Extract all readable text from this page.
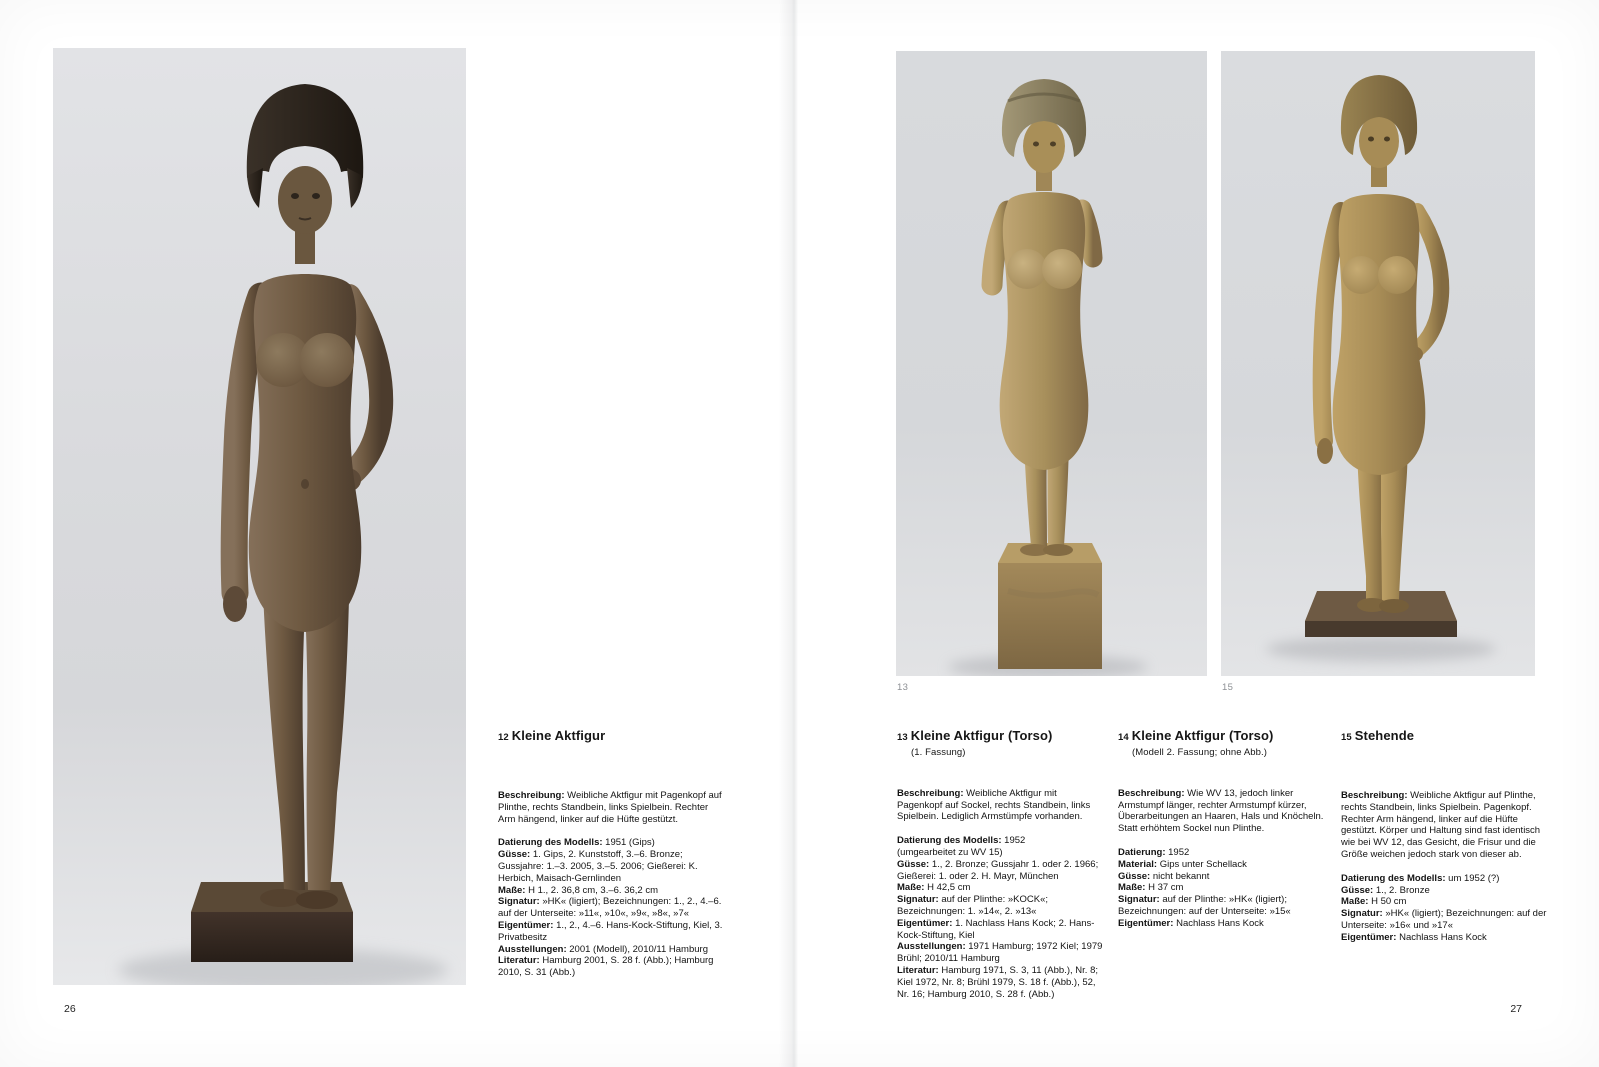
12 Kleine Aktfigur

Beschreibung: Weibliche Aktfigur mit Pagenkopf auf Plinthe, rechts Standbein, links Spielbein. Rechter Arm hängend, linker auf die Hüfte gestützt.

Datierung des Modells: 1951 (Gips)
Güsse: 1. Gips, 2. Kunststoff, 3.–6. Bronze; Gussjahre: 1.–3. 2005, 3.–5. 2006; Gießerei: K. Herbich, Maisach-Gernlinden
Maße: H 1., 2. 36,8 cm, 3.–6. 36,2 cm
Signatur: »HK« (ligiert); Bezeichnungen: 1., 2., 4.–6. auf der Unterseite: »11«, »10«, »9«, »8«, »7«
Eigentümer: 1., 2., 4.–6. Hans-Kock-Stiftung, Kiel, 3. Privatbesitz
Ausstellungen: 2001 (Modell), 2010/11 Hamburg
Literatur: Hamburg 2001, S. 28 f. (Abb.); Hamburg 2010, S. 31 (Abb.)
26
13	15
13 Kleine Aktfigur (Torso)
(1. Fassung)

Beschreibung: Weibliche Aktfigur mit Pagenkopf auf Sockel, rechts Standbein, links Spielbein. Lediglich Armstümpfe vorhanden.

Datierung des Modells: 1952
(umgearbeitet zu WV 15)
Güsse: 1., 2. Bronze; Gussjahr 1. oder 2. 1966; Gießerei: 1. oder 2. H. Mayr, München
Maße: H 42,5 cm
Signatur: auf der Plinthe: »KOCK«; Bezeichnungen: 1. »14«, 2. »13«
Eigentümer: 1. Nachlass Hans Kock; 2. Hans-Kock-Stiftung, Kiel
Ausstellungen: 1971 Hamburg; 1972 Kiel; 1979 Brühl; 2010/11 Hamburg
Literatur: Hamburg 1971, S. 3, 11 (Abb.), Nr. 8; Kiel 1972, Nr. 8; Brühl 1979, S. 18 f. (Abb.), 52, Nr. 16; Hamburg 2010, S. 28 f. (Abb.)
14 Kleine Aktfigur (Torso)
(Modell 2. Fassung; ohne Abb.)

Beschreibung: Wie WV 13, jedoch linker Armstumpf länger, rechter Armstumpf kürzer, Überarbeitungen an Haaren, Hals und Knöcheln. Statt erhöhtem Sockel nun Plinthe.

Datierung: 1952
Material: Gips unter Schellack
Güsse: nicht bekannt
Maße: H 37 cm
Signatur: auf der Plinthe: »HK« (ligiert); Bezeichnungen: auf der Unterseite: »15«
Eigentümer: Nachlass Hans Kock
15 Stehende

Beschreibung: Weibliche Aktfigur auf Plinthe, rechts Standbein, links Spielbein. Pagenkopf. Rechter Arm hängend, linker auf die Hüfte gestützt. Körper und Haltung sind fast identisch wie bei WV 12, das Gesicht, die Frisur und die Größe weichen jedoch stark von dieser ab.

Datierung des Modells: um 1952 (?)
Güsse: 1., 2. Bronze
Maße: H 50 cm
Signatur: »HK« (ligiert); Bezeichnungen: auf der Unterseite: »16« und »17«
Eigentümer: Nachlass Hans Kock
27
